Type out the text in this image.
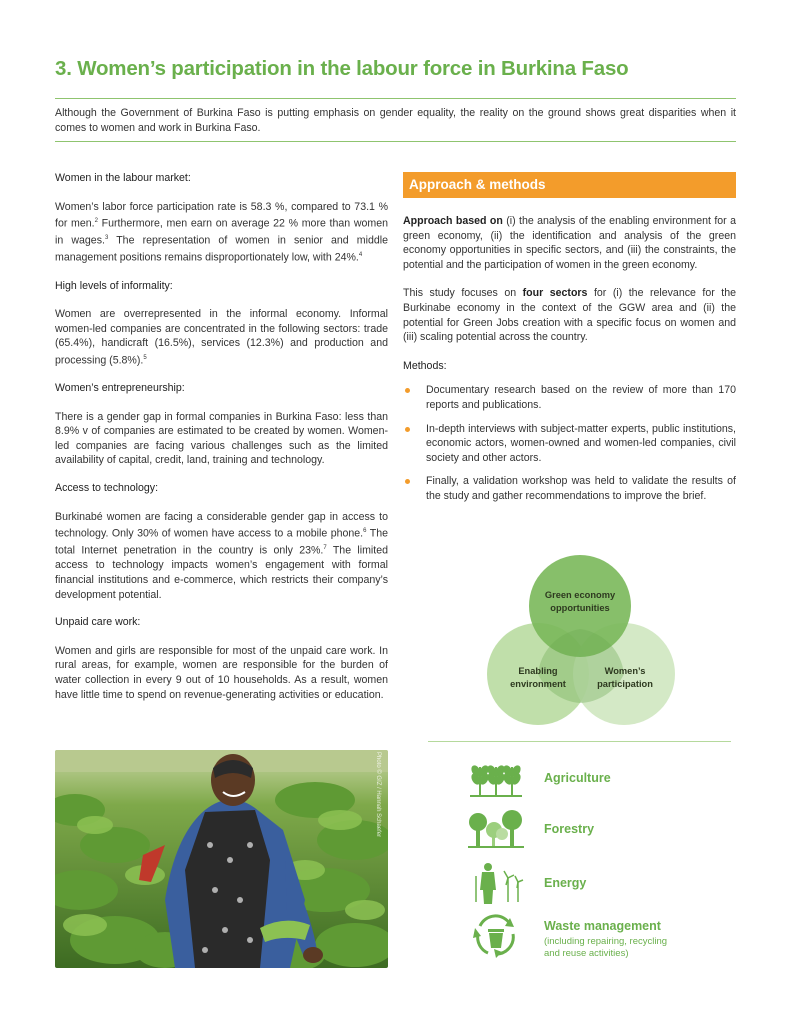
3. Women’s participation in the labour force in Burkina Faso
Although the Government of Burkina Faso is putting emphasis on gender equality, the reality on the ground shows great disparities when it comes to women and work in Burkina Faso.
Women in the labour market:

Women’s labor force participation rate is 58.3 %, compared to 73.1 % for men.$^2$ Furthermore, men earn on average 22 % more than women in wages.$^3$ The representation of women in senior and middle management positions remains disproportionately low, with 24%.$^4$

High levels of informality:

Women are overrepresented in the informal economy. Informal women-led companies are concentrated in the following sectors: trade (65.4%), handicraft (16.5%), services (12.3%) and production and processing (5.8%).$^5$

Women’s entrepreneurship:

There is a gender gap in formal companies in Burkina Faso: less than 8.9% v of companies are estimated to be created by women. Women-led companies are facing various challenges such as the limited availability of capital, credit, land, training and technology.

Access to technology:

Burkinabé women are facing a considerable gender gap in access to technology. Only 30% of women have access to a mobile phone.$^6$ The total Internet penetration in the country is only 23%.$^7$ The limited access to technology impacts women’s engagement with formal financial institutions and e-commerce, which restricts their company’s development potential.

Unpaid care work:

Women and girls are responsible for most of the unpaid care work. In rural areas, for example, women are responsible for the burden of water collection in every 9 out of 10 households. As a result, women have little time to spend on revenue-generating activities or education.

Photo © GIZ / Hannah Schaefer
Approach & methods

Approach based on (i) the analysis of the enabling environment for a green economy, (ii) the identification and analysis of the green economy opportunities in specific sectors, and (iii) the constraints, the potential and the participation of women in the green economy.

This study focuses on four sectors for (i) the relevance for the Burkinabe economy in the context of the GGW area and (ii) the potential for Green Jobs creation with a specific focus on women and (iii) scaling potential across the country.

Methods:
Documentary research based on the review of more than 170 reports and publications.
In-depth interviews with subject-matter experts, public institutions, economic actors, women-owned and women-led companies, civil society and other actors.
Finally, a validation workshop was held to validate the results of the study and gather recommendations to improve the brief.
Green economy
opportunities
Enabling
environment
Women’s
participation
Agriculture
Forestry
Energy
Waste management
(including repairing, recycling
and reuse activities)
